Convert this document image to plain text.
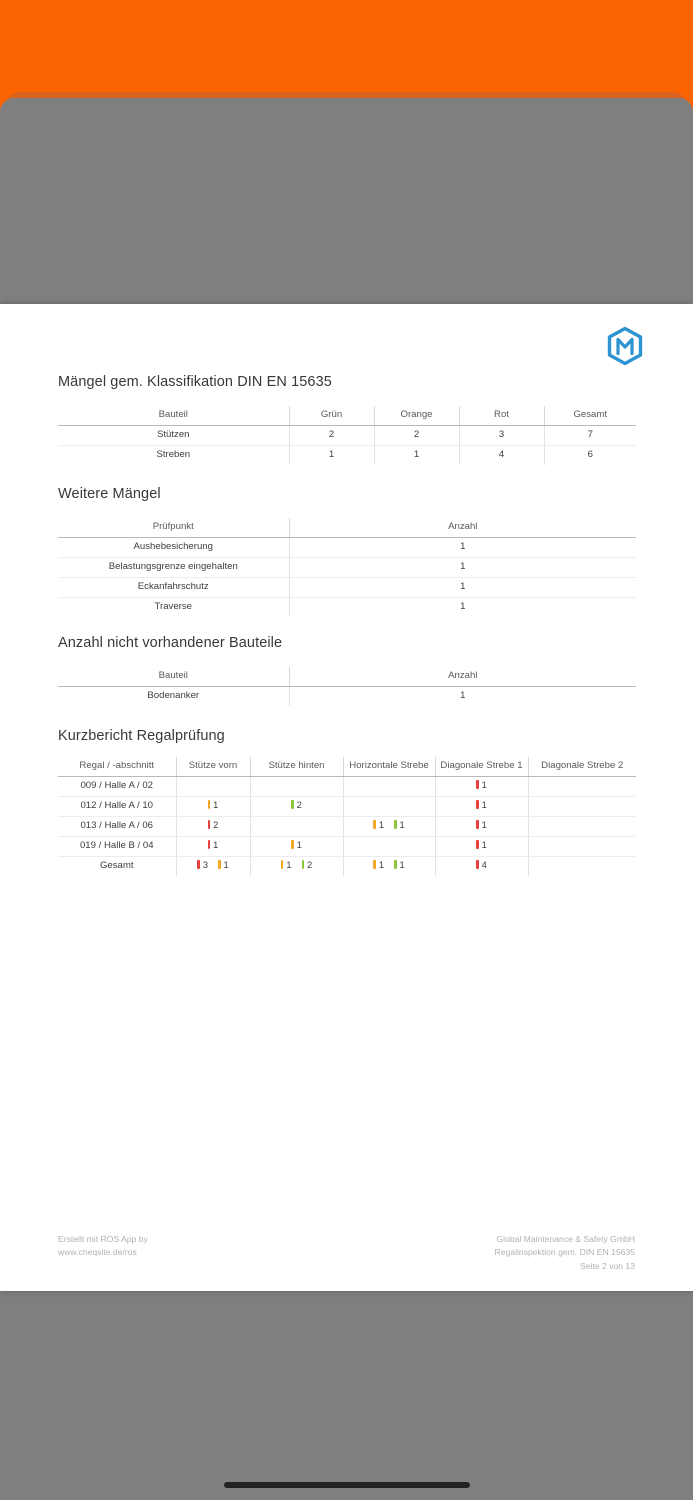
Mängel gem. Klassifikation DIN EN 15635
Bauteil	Grün	Orange	Rot	Gesamt
Stützen	2	2	3	7
Streben	1	1	4	6
Weitere Mängel
Prüfpunkt	Anzahl
Aushebesicherung	1
Belastungsgrenze eingehalten	1
Eckanfahrschutz	1
Traverse	1
Anzahl nicht vorhandener Bauteile
Bauteil	Anzahl
Bodenanker	1
Kurzbericht Regalprüfung
Regal / -abschnitt	Stütze vorn	Stütze hinten	Horizontale Strebe	Diagonale Strebe 1	Diagonale Strebe 2
009 / Halle A / 02				1	
012 / Halle A / 10	1	2		1	
013 / Halle A / 06	2		1 1	1	
019 / Halle B / 04	1	1		1	
Gesamt	3 1	1 2	1 1	4	
Erstellt mit ROS App by
www.cheqsite.de/ros
Global Maintenance & Safety GmbH
Regalinspektion gem. DIN EN 15635
Seite 2 von 13
